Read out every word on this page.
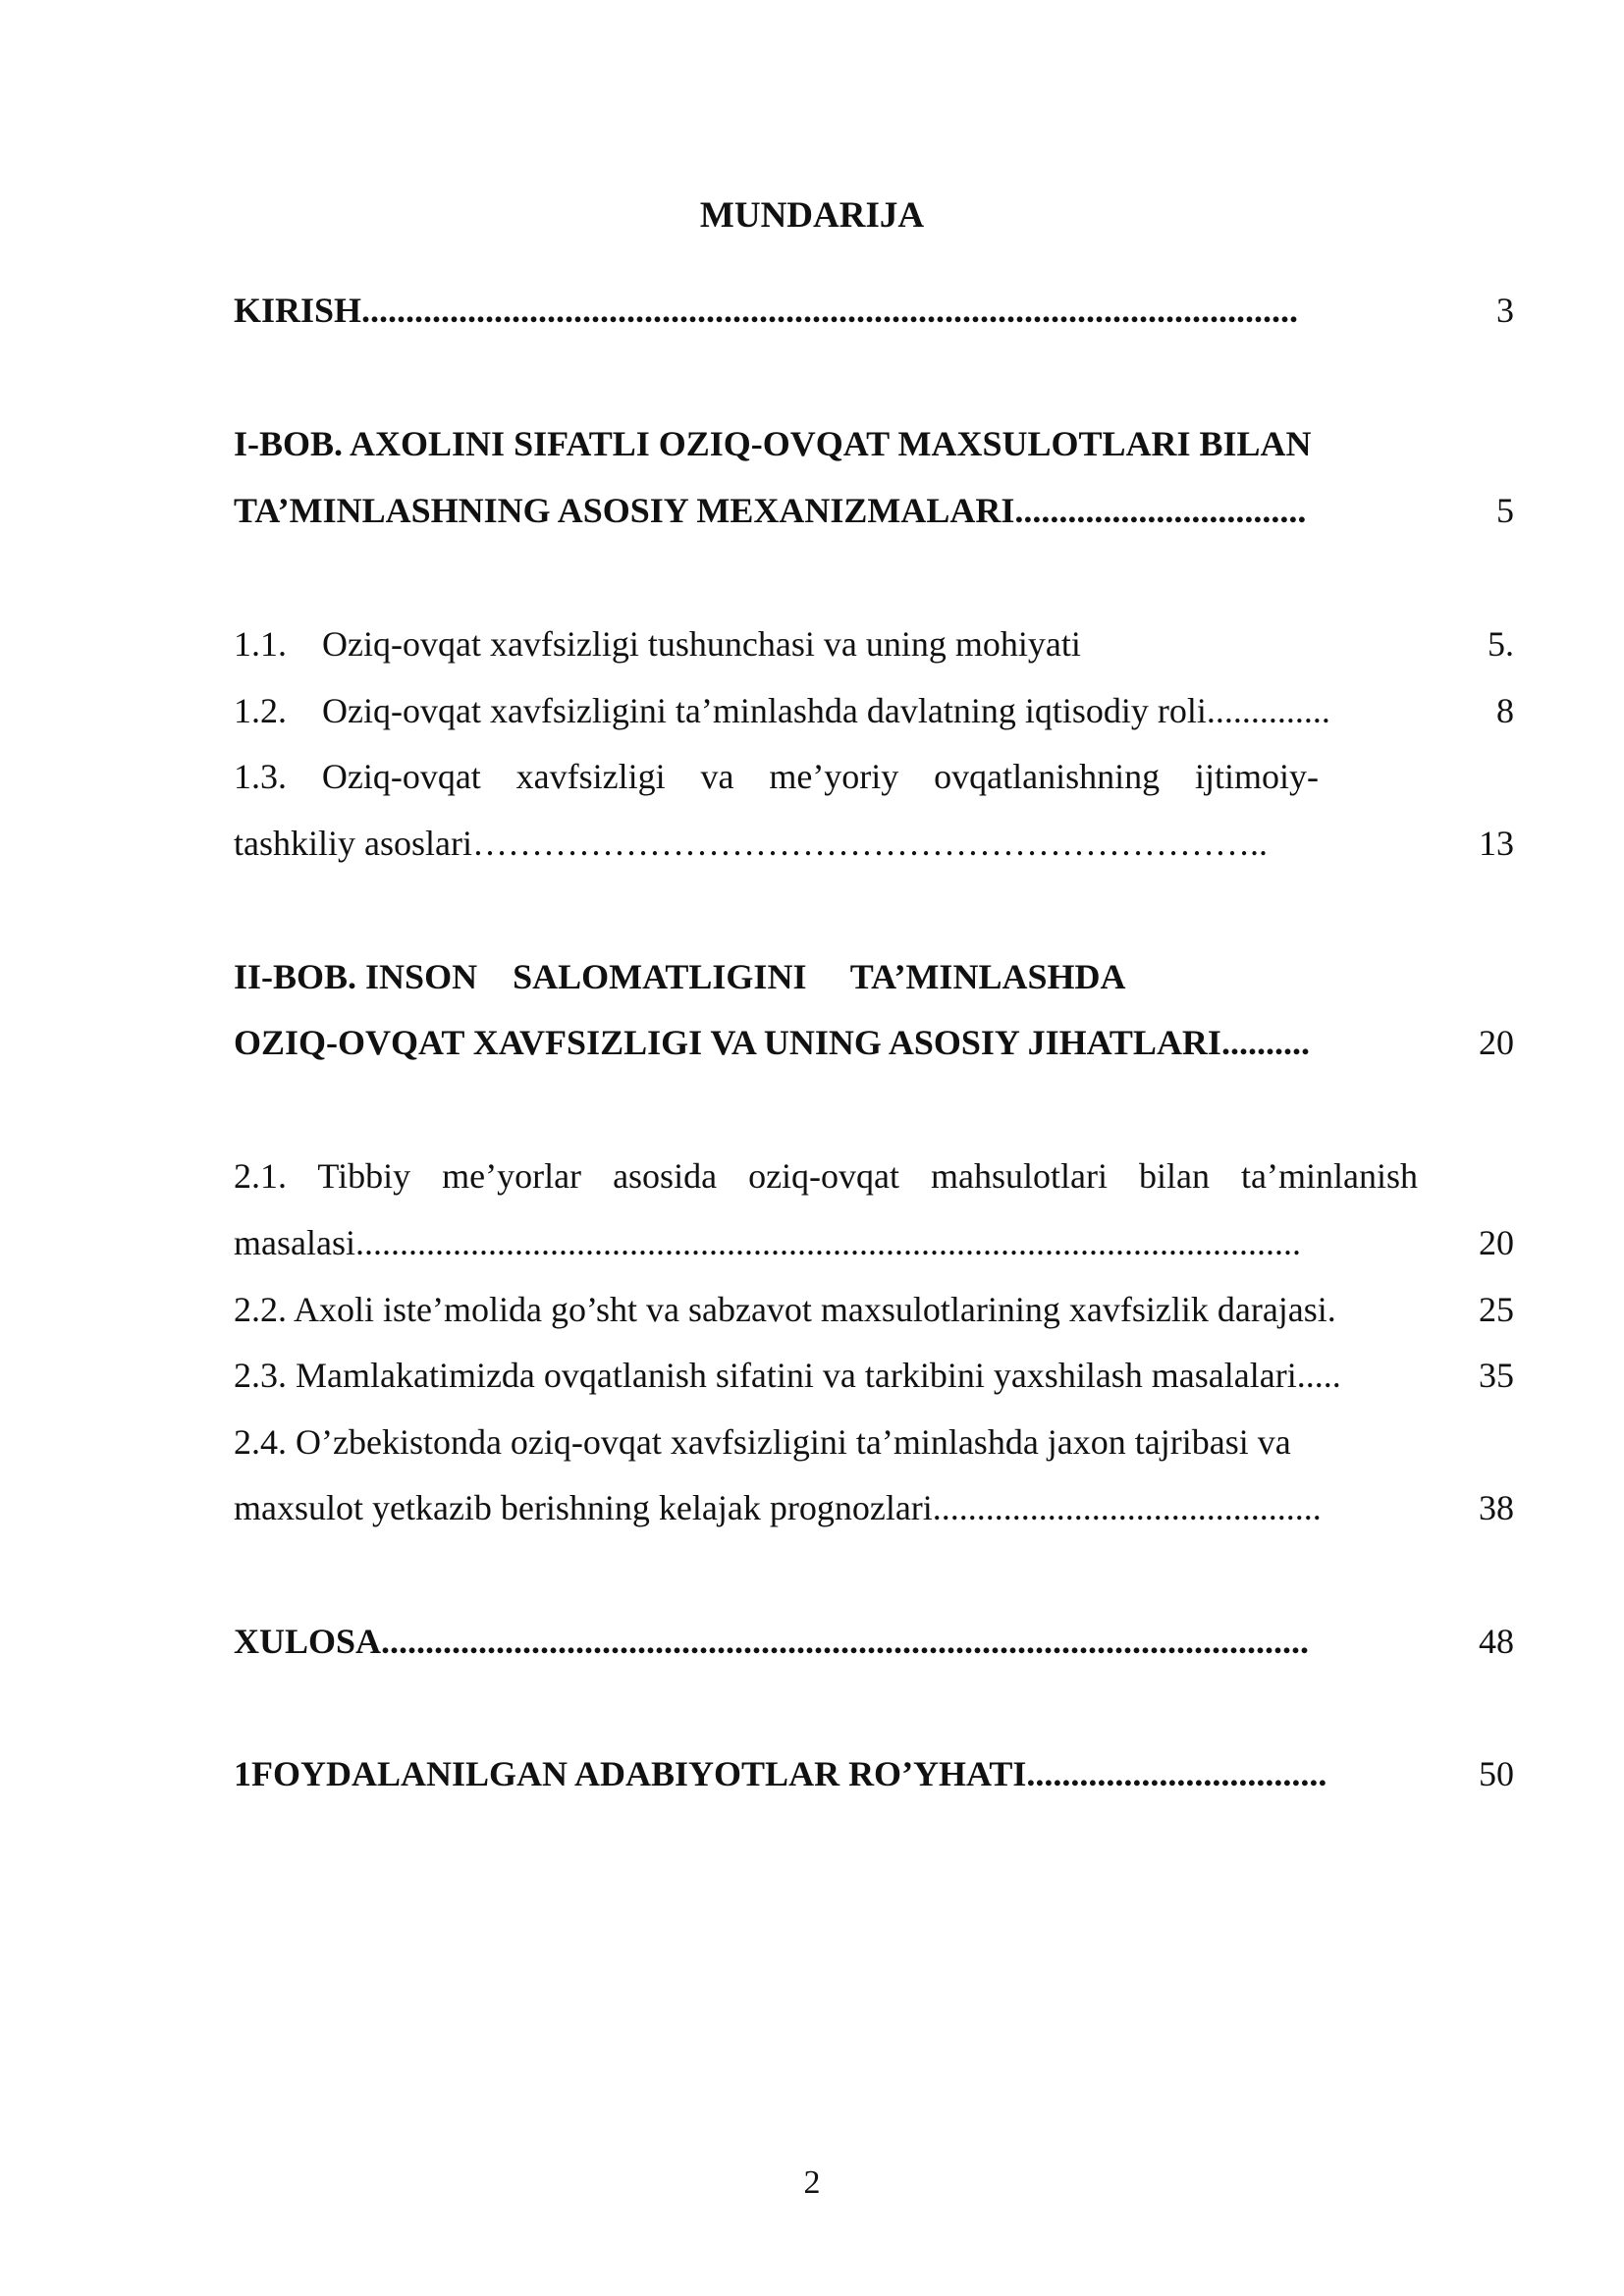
MUNDARIJA
KIRISH..........................................................................................................	3
I-BOB. AXOLINI SIFATLI OZIQ-OVQAT MAXSULOTLARI BILAN
TA’MINLASHNING ASOSIY MEXANIZMALARI.................................	5
1.1.    Oziq-ovqat xavfsizligi tushunchasi va uning mohiyati	5.
1.2.    Oziq-ovqat xavfsizligini ta’minlashda davlatning iqtisodiy roli..............	8
1.3. Oziq-ovqat xavfsizligi va me’yoriy ovqatlanishning ijtimoiy-
tashkiliy asoslari…………………………………………………………..	13
II-BOB. INSON    SALOMATLIGINI     TA’MINLASHDA
OZIQ-OVQAT XAVFSIZLIGI VA UNING ASOSIY JIHATLARI..........	20
2.1. Tibbiy me’yorlar asosida oziq-ovqat mahsulotlari bilan ta’minlanish
masalasi...........................................................................................................	20
2.2. Axoli iste’molida go’sht va sabzavot maxsulotlarining xavfsizlik darajasi.	25
2.3. Mamlakatimizda ovqatlanish sifatini va tarkibini yaxshilash masalalari.....	35
2.4. O’zbekistonda oziq-ovqat xavfsizligini ta’minlashda jaxon tajribasi va
maxsulot yetkazib berishning kelajak prognozlari............................................	38
XULOSA.........................................................................................................	48
1FOYDALANILGAN ADABIYOTLAR RO’YHATI..................................	50
2
